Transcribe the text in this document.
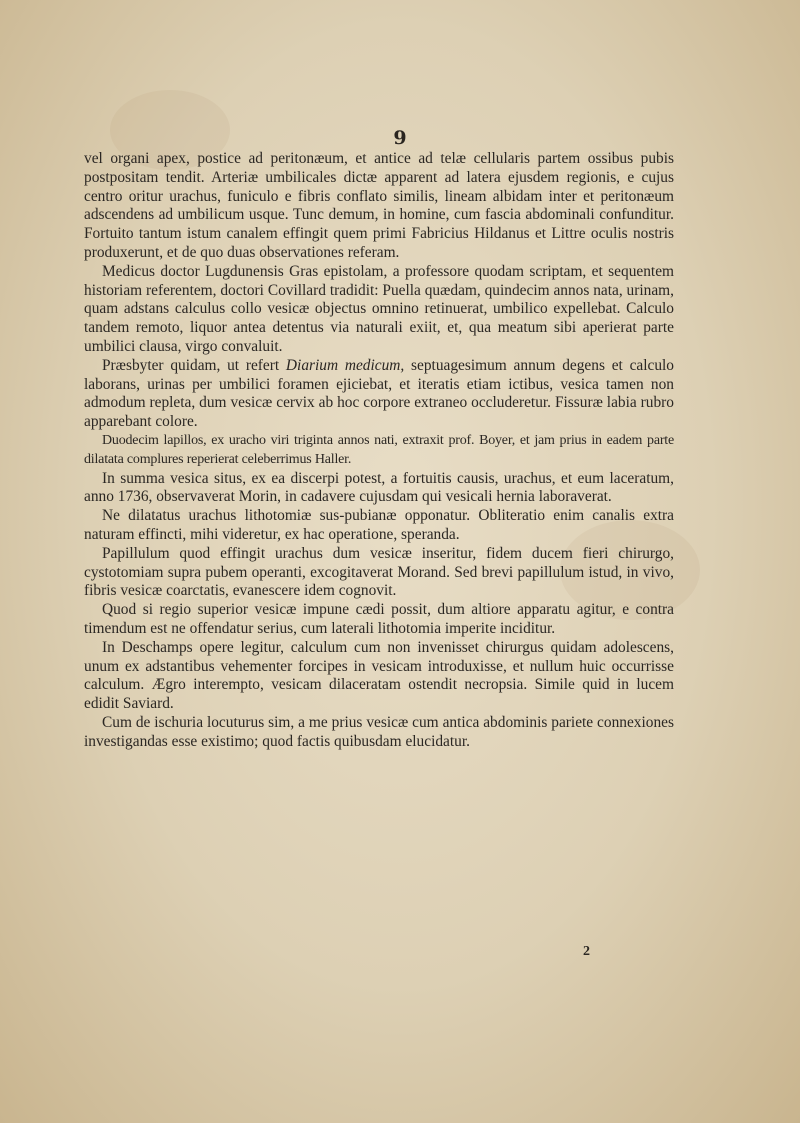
9

vel organi apex, postice ad peritonæum, et antice ad telæ cellularis partem ossibus pubis postpositam tendit. Arteriæ umbilicales dictæ apparent ad latera ejusdem regionis, e cujus centro oritur urachus, funiculo e fibris conflato similis, lineam albidam inter et peritonæum adscendens ad umbilicum usque. Tunc demum, in homine, cum fascia abdominali confunditur. Fortuito tantum istum canalem effingit quem primi Fabricius Hildanus et Littre oculis nostris produxerunt, et de quo duas observationes referam.

Medicus doctor Lugdunensis Gras epistolam, a professore quodam scriptam, et sequentem historiam referentem, doctori Covillard tradidit: Puella quædam, quindecim annos nata, urinam, quam adstans calculus collo vesicæ objectus omnino retinuerat, umbilico expellebat. Calculo tandem remoto, liquor antea detentus via naturali exiit, et, qua meatum sibi aperierat parte umbilici clausa, virgo convaluit.

Præsbyter quidam, ut refert Diarium medicum, septuagesimum annum degens et calculo laborans, urinas per umbilici foramen ejiciebat, et iteratis etiam ictibus, vesica tamen non admodum repleta, dum vesicæ cervix ab hoc corpore extraneo occluderetur. Fissuræ labia rubro apparebant colore.

Duodecim lapillos, ex uracho viri triginta annos nati, extraxit prof. Boyer, et jam prius in eadem parte dilatata complures reperierat celeberrimus Haller.

In summa vesica situs, ex ea discerpi potest, a fortuitis causis, urachus, et eum laceratum, anno 1736, observaverat Morin, in cadavere cujusdam qui vesicali hernia laboraverat.

Ne dilatatus urachus lithotomiæ sus-pubianæ opponatur. Obliteratio enim canalis extra naturam effincti, mihi videretur, ex hac operatione, speranda.

Papillulum quod effingit urachus dum vesicæ inseritur, fidem ducem fieri chirurgo, cystotomiam supra pubem operanti, excogitaverat Morand. Sed brevi papillulum istud, in vivo, fibris vesicæ coarctatis, evanescere idem cognovit.

Quod si regio superior vesicæ impune cædi possit, dum altiore apparatu agitur, e contra timendum est ne offendatur serius, cum laterali lithotomia imperite inciditur.

In Deschamps opere legitur, calculum cum non invenisset chirurgus quidam adolescens, unum ex adstantibus vehementer forcipes in vesicam introduxisse, et nullum huic occurrisse calculum. Ægro interempto, vesicam dilaceratam ostendit necropsia. Simile quid in lucem edidit Saviard.

Cum de ischuria locuturus sim, a me prius vesicæ cum antica abdominis pariete connexiones investigandas esse existimo; quod factis quibusdam elucidatur.

2
